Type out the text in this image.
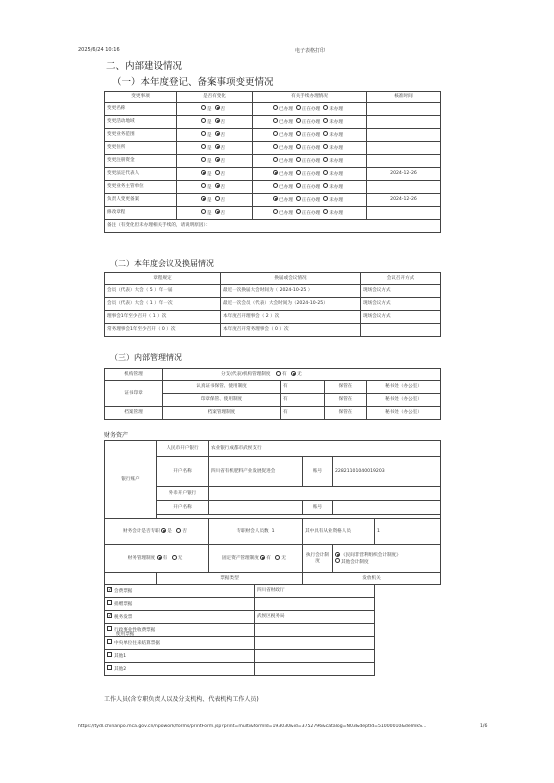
2025/6/24 10:16	电子表格打印
二、内部建设情况
（一）本年度登记、备案事项变更情况
变更事项	是否有变化	有关手续办理情况	核准时间
变更名称	是 否	已办理 正在办理 未办理	
变更活动地域	是 否	已办理 正在办理 未办理	
变更业务范围	是 否	已办理 正在办理 未办理	
变更住所	是 否	已办理 正在办理 未办理	
变更注册资金	是 否	已办理 正在办理 未办理	
变更法定代表人	是 否	已办理 正在办理 未办理	2024-12-26
变更业务主管单位	是 否	已办理 正在办理 未办理	
负责人变更备案	是 否	已办理 正在办理 未办理	2024-12-26
修改章程	是 否	已办理 正在办理 未办理	
备注（有变化但未办理相关手续的，请说明原因）：			
（二）本年度会议及换届情况
章程规定	换届或会议情况	会议召开方式
会员（代表）大会（ 5 ）年一届	最近一次换届大会时间为（ 2024-10-25 ）	现场会议方式
会员（代表）大会（ 1 ）年一次	最近一次会员（代表）大会时间为（2024-10-25）	现场会议方式
理事会1年至少召开（ 1 ）次	本年度召开理事会（ 2 ）次	现场会议方式
常务理事会1年至少召开（ 0 ）次	本年度召开常务理事会（ 0 ）次	
（三）内部管理情况
机构管理	分支(代表)机构管理制度 有 无			
证书印章	认真证书保管、使用制度	有	保管在	秘书处（办公室）
	印章保管、使用制度	有	保管在	秘书处（办公室）
档案管理	档案管理制度	有	保管在	秘书处（办公室）
财务资产
银行账户	人民币开户银行	农业银行成都市武侯支行				
	开户名称	四川省有机肥料产业发展促进会		账号	22821101040019203	
	外币开户银行					
	开户名称			账号		

财务会计是否专职 是 否		专职财会人员数 1		其中具有从业资格人员		1
财务管理制度 有 无		固定资产管理制度 有 无		执行会计制度	《民间非营利组织会计制度》 其他会计制度	
	票据类型			发放机关		
✓ 会费票据			四川省财政厅			
捐赠票据						
✓ 税务发票			武侯区税务局			
行政事业性收费票据						
中央单位往来结算票据						
其他1						
其他2						
使用票据
工作人员(含专职负责人以及分支机构、代表机构工作人员)
https://tydl.chinanpo.mca.gov.cn/npowork/forms/printForm.jsp?print=multi&formId=193030&id=3752796&catalog=N03&deptId=51000010&delmkS...	1/6
